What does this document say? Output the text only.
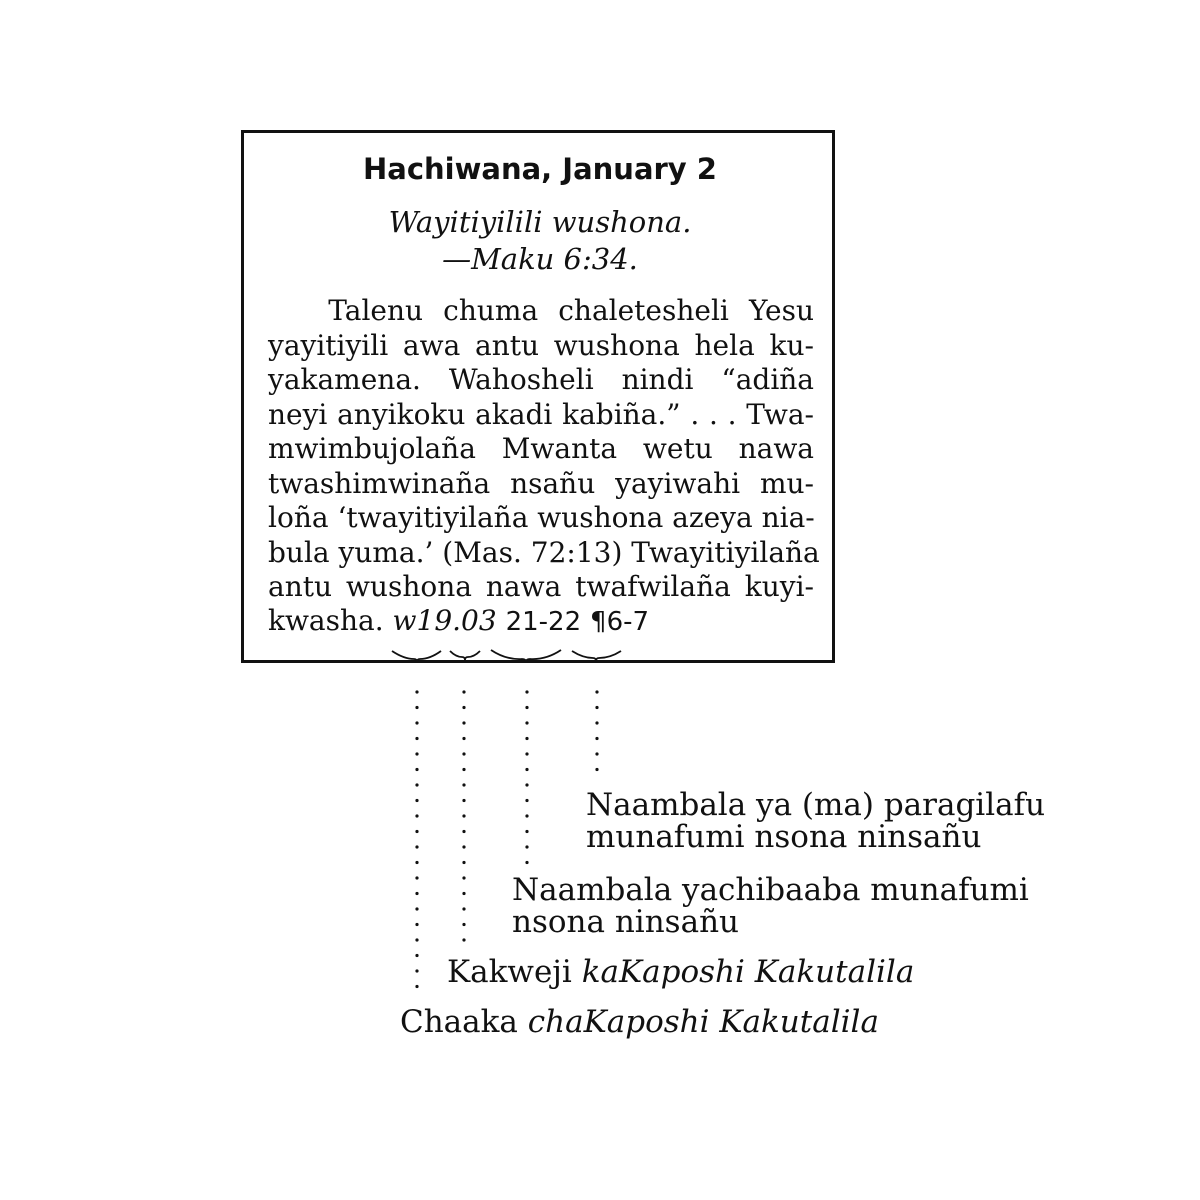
Hachiwana, January 2
Wayitiyilili wushona.
—Maku 6:34.
Talenu chuma chaletesheli Yesu
yayitiyili awa antu wushona hela ku-
yakamena. Wahosheli nindi “adiña
neyi anyikoku akadi kabiña.” . . . Twa-
mwimbujolaña Mwanta wetu nawa
twashimwinaña nsañu yayiwahi mu-
loña ‘twayitiyilaña wushona azeya nia-
bula yuma.’ (Mas. 72:13) Twayitiyilaña
antu wushona nawa twafwilaña kuyi-
kwasha. w19.03 21-22 ¶6-7
Naambala ya (ma) paragilafu
munafumi nsona ninsañu
Naambala yachibaaba munafumi
nsona ninsañu
Kakweji kaKaposhi Kakutalila
Chaaka chaKaposhi Kakutalila
